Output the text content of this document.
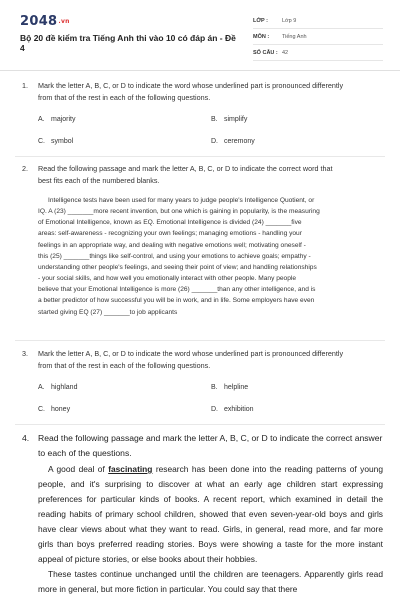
2048.vn
Bộ 20 đề kiểm tra Tiếng Anh thi vào 10 có đáp án - Đề 4
LỚP :	Lớp 9
MÔN :	Tiếng Anh
SỐ CÂU : 42
1. Mark the letter A, B, C, or D to indicate the word whose underlined part is pronounced differently
from that of the rest in each of the following questions.
A. majority	B. simplify
C. symbol	D. ceremony
2. Read the following passage and mark the letter A, B, C, or D to indicate the correct word that
best fits each of the numbered blanks.
Intelligence tests have been used for many years to judge people's Intelligence Quotient, or
IQ. A (23) _______more recent invention, but one which is gaining in popularity, is the measuring
of Emotional Intelligence, known as EQ. Emotional Intelligence is divided (24) _______five
areas: self-awareness - recognizing your own feelings; managing emotions - handling your
feelings in an appropriate way, and dealing with negative emotions well; motivating oneself -
this (25) _______things like self-control, and using your emotions to achieve goals; empathy -
understanding other people's feelings, and seeing their point of view; and handling relationships
- your social skills, and how well you emotionally interact with other people. Many people
believe that your Emotional Intelligence is more (26) _______than any other intelligence, and is
a better predictor of how successful you will be in work, and in life. Some employers have even
started giving EQ (27) _______to job applicants
3. Mark the letter A, B, C, or D to indicate the word whose underlined part is pronounced differently
from that of the rest in each of the following questions.
A. highland	B. helpline
C. honey	D. exhibition
4. Read the following passage and mark the letter A, B, C, or D to indicate the correct answer to each of the questions.

A good deal of fascinating research has been done into the reading patterns of young people, and it's surprising to discover at what an early age children start expressing preferences for particular kinds of books. A recent report, which examined in detail the reading habits of primary school children, showed that even seven-year-old boys and girls have clear views about what they want to read. Girls, in general, read more, and far more girls than boys preferred reading stories. Boys were showing a taste for the more instant appeal of picture stories, or else books about their hobbies.

These tastes continue unchanged until the children are teenagers. Apparently girls read more in general, but more fiction in particular. You could say that there
